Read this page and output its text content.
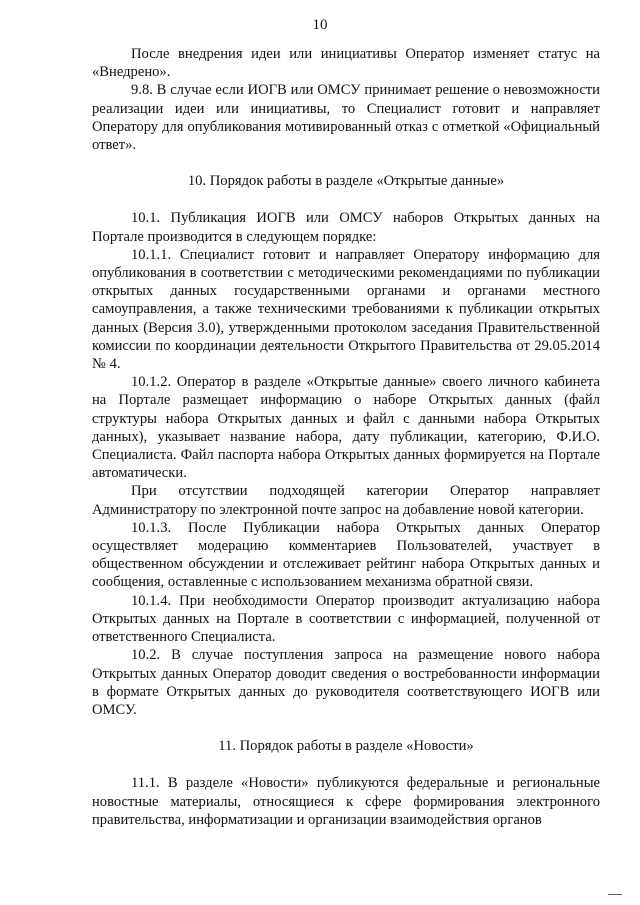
10

После внедрения идеи или инициативы Оператор изменяет статус на «Внедрено».

9.8. В случае если ИОГВ или ОМСУ принимает решение о невозможности реализации идеи или инициативы, то Специалист готовит и направляет Оператору для опубликования мотивированный отказ с отметкой «Официальный ответ».

10. Порядок работы в разделе «Открытые данные»

10.1. Публикация ИОГВ или ОМСУ наборов Открытых данных на Портале производится в следующем порядке:

10.1.1. Специалист готовит и направляет Оператору информацию для опубликования в соответствии с методическими рекомендациями по публикации открытых данных государственными органами и органами местного самоуправления, а также техническими требованиями к публикации открытых данных (Версия 3.0), утвержденными протоколом заседания Правительственной комиссии по координации деятельности Открытого Правительства от 29.05.2014 № 4.

10.1.2. Оператор в разделе «Открытые данные» своего личного кабинета на Портале размещает информацию о наборе Открытых данных (файл структуры набора Открытых данных и файл с данными набора Открытых данных), указывает название набора, дату публикации, категорию, Ф.И.О. Специалиста. Файл паспорта набора Открытых данных формируется на Портале автоматически.

При отсутствии подходящей категории Оператор направляет Администратору по электронной почте запрос на добавление новой категории.

10.1.3. После Публикации набора Открытых данных Оператор осуществляет модерацию комментариев Пользователей, участвует в общественном обсуждении и отслеживает рейтинг набора Открытых данных и сообщения, оставленные с использованием механизма обратной связи.

10.1.4. При необходимости Оператор производит актуализацию набора Открытых данных на Портале в соответствии с информацией, полученной от ответственного Специалиста.

10.2. В случае поступления запроса на размещение нового набора Открытых данных Оператор доводит сведения о востребованности информации в формате Открытых данных до руководителя соответствующего ИОГВ или ОМСУ.

11. Порядок работы в разделе «Новости»

11.1. В разделе «Новости» публикуются федеральные и региональные новостные материалы, относящиеся к сфере формирования электронного правительства, информатизации и организации взаимодействия органов
